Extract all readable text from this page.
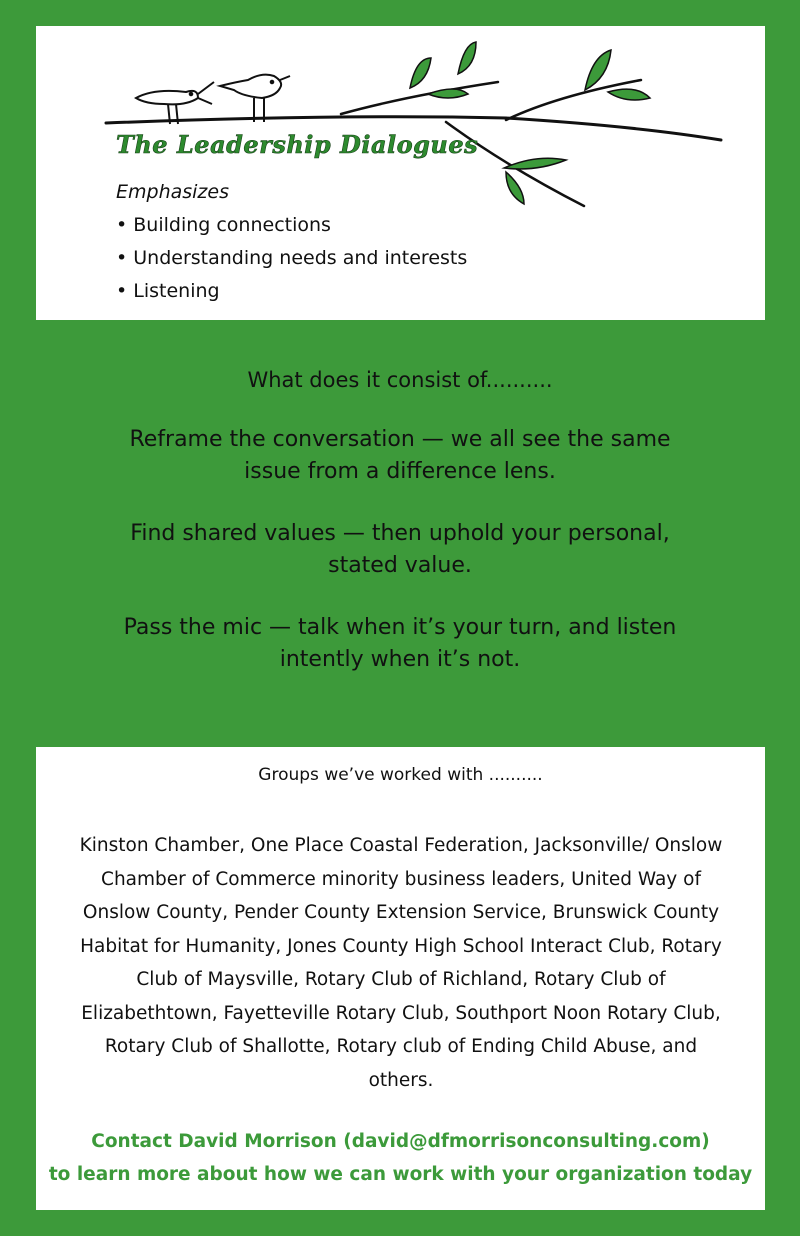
The Leadership Dialogues
Emphasizes
• Building connections
• Understanding needs and interests
• Listening
What does it consist of..........
Reframe the conversation — we all see the same issue from a difference lens.
Find shared values — then uphold your personal, stated value.
Pass the mic — talk when it’s your turn, and listen intently when it’s not.
Groups we’ve worked with ..........
Kinston Chamber, One Place Coastal Federation, Jacksonville/ Onslow Chamber of Commerce minority business leaders, United Way of Onslow County, Pender County Extension Service, Brunswick County Habitat for Humanity, Jones County High School Interact Club, Rotary Club of Maysville, Rotary Club of Richland, Rotary Club of Elizabethtown, Fayetteville Rotary Club, Southport Noon Rotary Club, Rotary Club of Shallotte, Rotary club of Ending Child Abuse, and others.
Contact David Morrison (david@dfmorrisonconsulting.com)
to learn more about how we can work with your organization today
